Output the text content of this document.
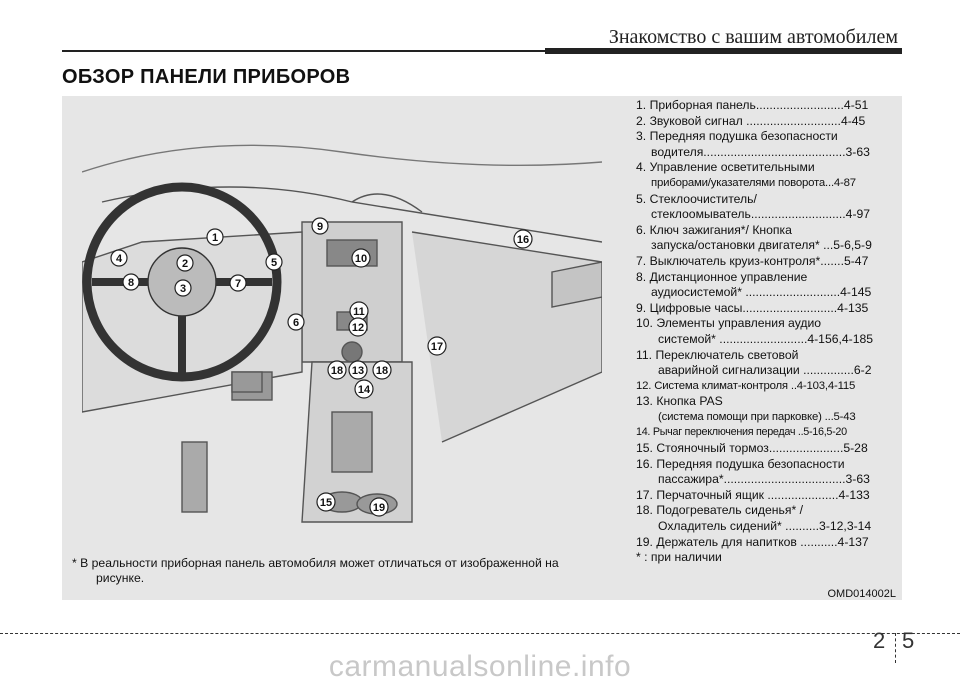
Знакомство с вашим автомобилем
ОБЗОР ПАНЕЛИ ПРИБОРОВ
1
2
3
4	5
6
7
8
9
10
11
12
13
14
15
16
17
18	18
19
1.
Приборная панель..........................4-51
2.
Звуковой сигнал ............................4-45
3.
Передняя подушка безопасности
водителя..........................................3-63
4.
Управление осветительными
приборами/указателями поворота...4-87
5.
Стеклоочиститель/
стеклоомыватель............................4-97
6.
Ключ зажигания*/ Кнопка
запуска/остановки двигателя* ...5-6,5-9
7.
Выключатель круиз-контроля*.......5-47
8.
Дистанционное управление
аудиосистемой* ............................4-145
9.
Цифровые часы............................4-135
10.
Элементы управления аудио
системой* ..........................4-156,4-185
11.
Переключатель световой
аварийной сигнализации ...............6-2
12.
Система климат-контроля ..4-103,4-115
13.
Кнопка PAS
(система помощи при парковке) ...5-43
14.
Рычаг переключения передач ..5-16,5-20
15.
Стояночный тормоз......................5-28
16.
Передняя подушка безопасности
пассажира*....................................3-63
17.
Перчаточный ящик .....................4-133
18.
Подогреватель сиденья* /
Охладитель сидений* ..........3-12,3-14
19.
Держатель для напитков ...........4-137
* : при наличии
* В реальности приборная панель автомобиля может отличаться от изображенной на
рисунке.
OMD014002L
2 5
carmanualsonline.info
